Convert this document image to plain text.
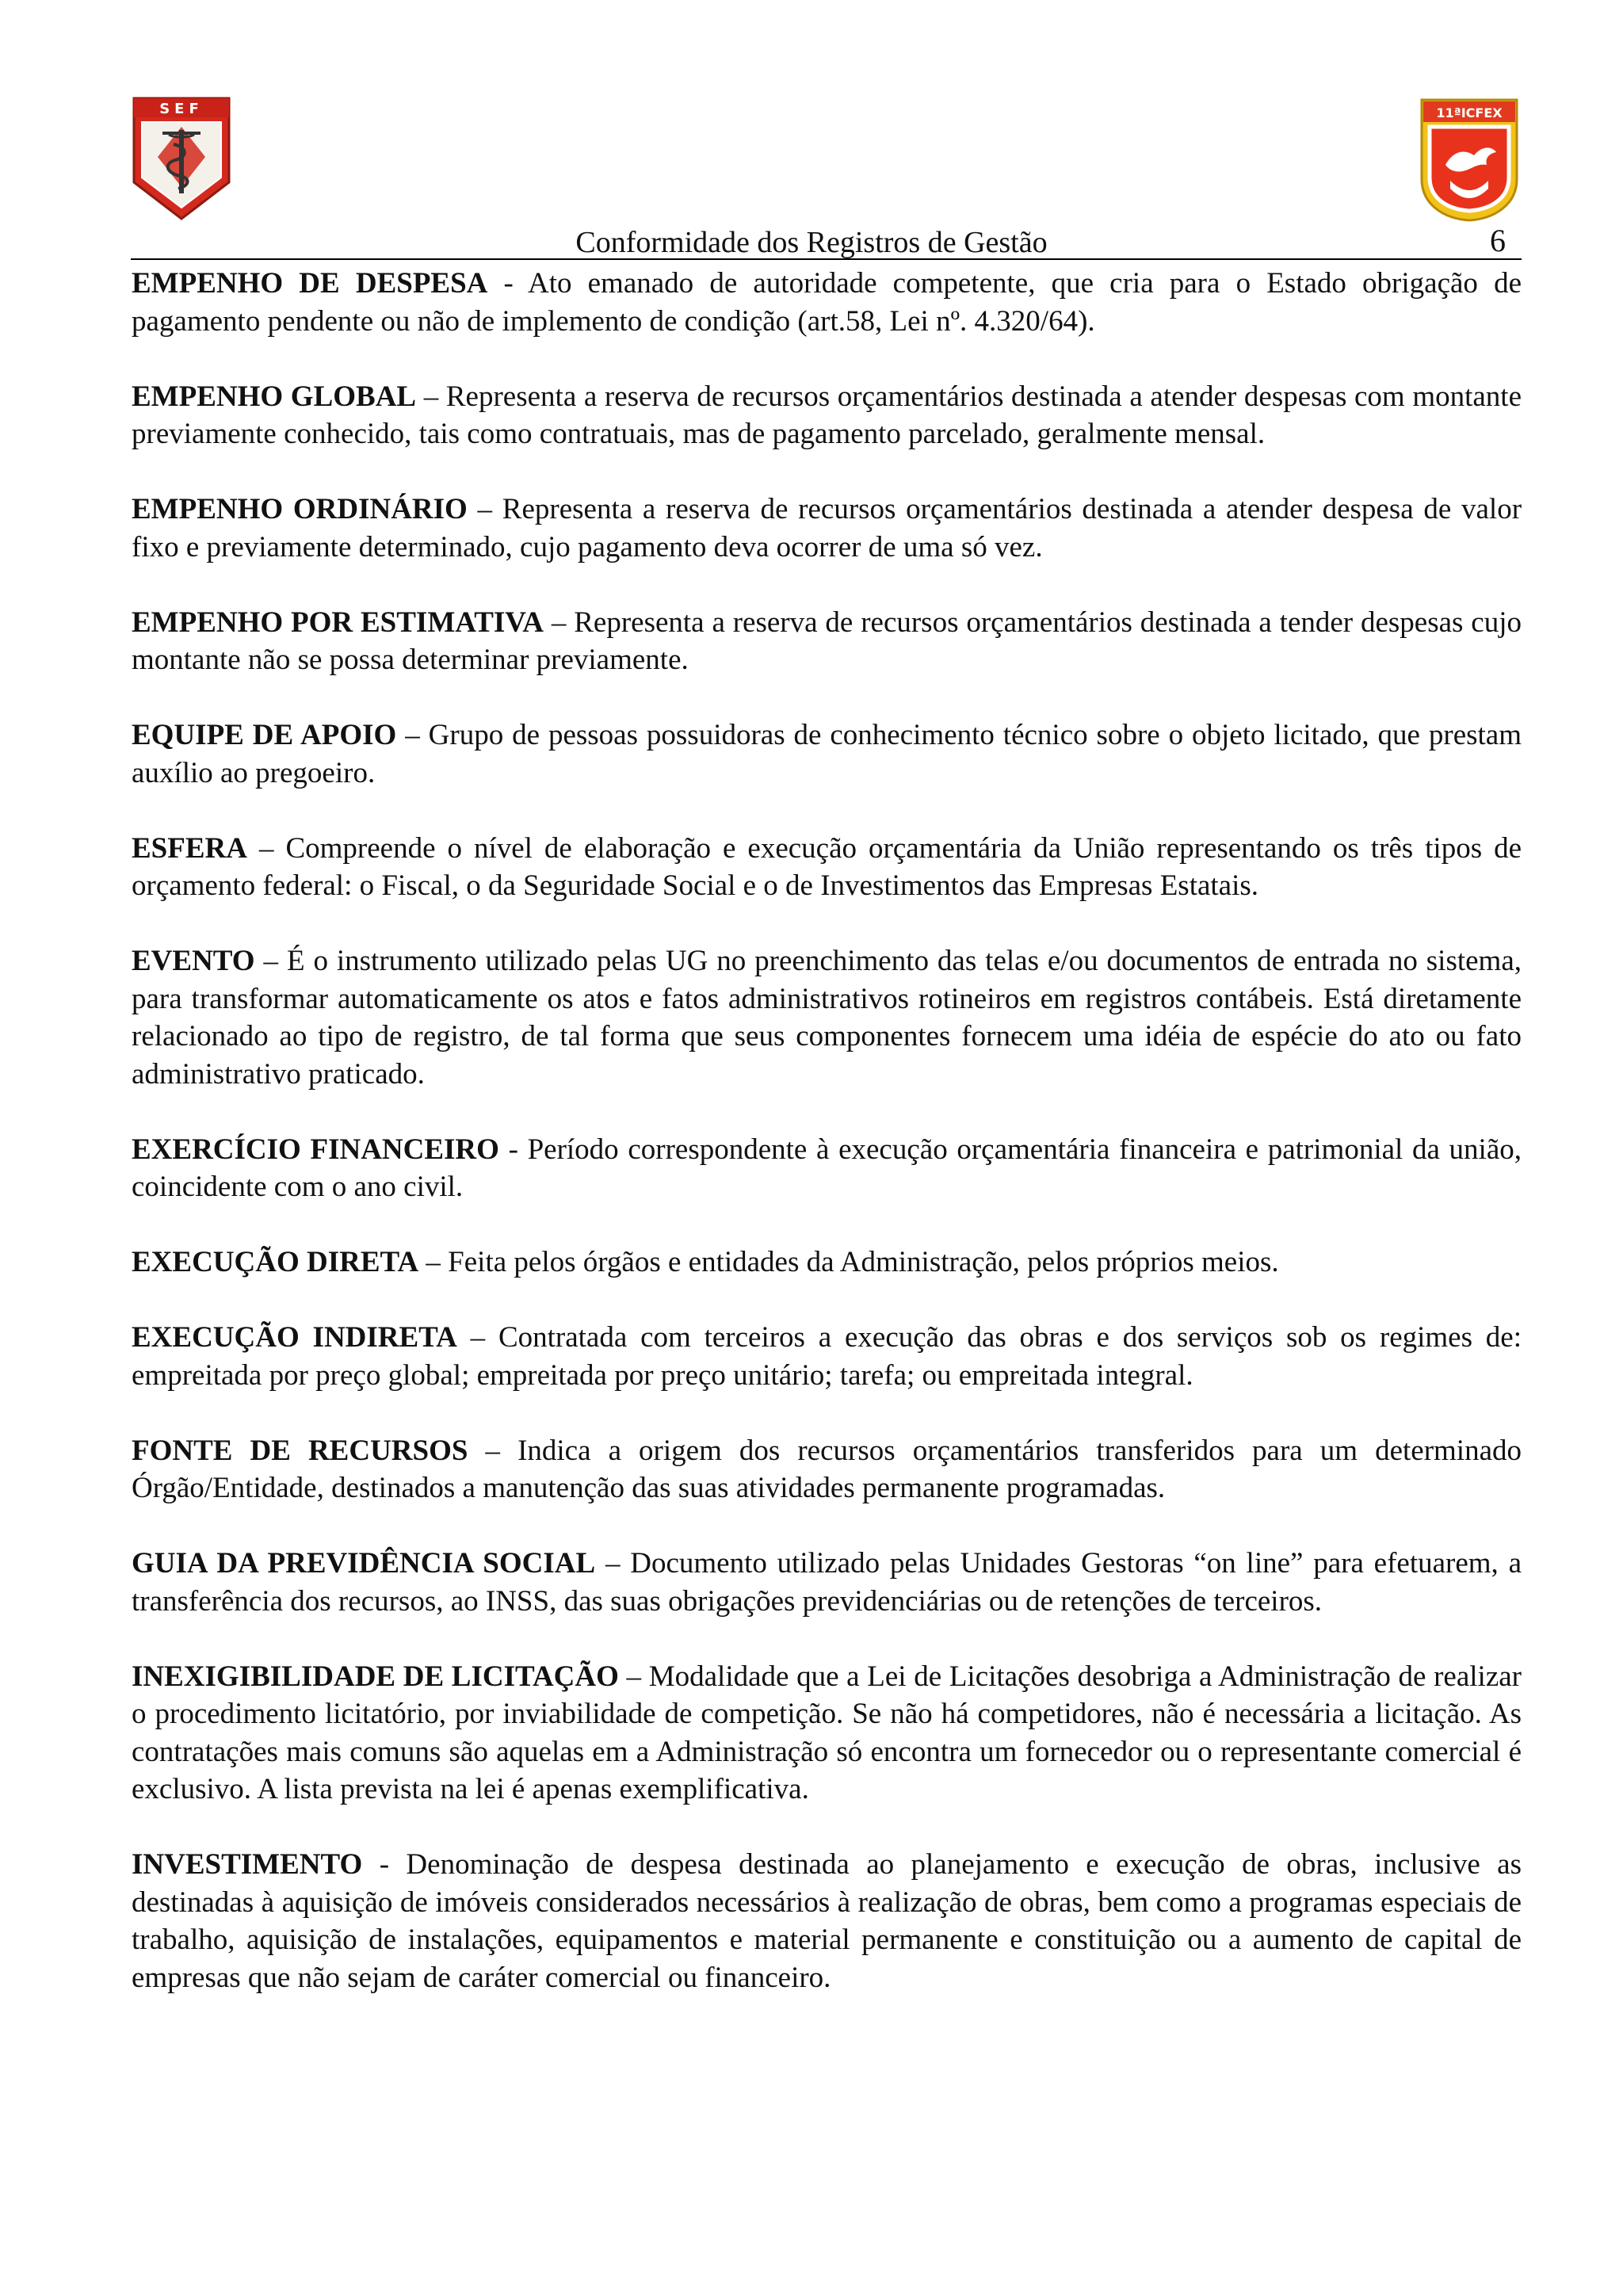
SEF	11ªICFEX
Conformidade dos Registros de Gestão	6

EMPENHO DE DESPESA - Ato emanado de autoridade competente, que cria para o Estado obrigação de pagamento pendente ou não de implemento de condição (art.58, Lei nº. 4.320/64).

EMPENHO GLOBAL – Representa a reserva de recursos orçamentários destinada a atender despesas com montante previamente conhecido, tais como contratuais, mas de pagamento parcelado, geralmente mensal.

EMPENHO ORDINÁRIO – Representa a reserva de recursos orçamentários destinada a atender despesa de valor fixo e previamente determinado, cujo pagamento deva ocorrer de uma só vez.

EMPENHO POR ESTIMATIVA – Representa a reserva de recursos orçamentários destinada a tender despesas cujo montante não se possa determinar previamente.

EQUIPE DE APOIO – Grupo de pessoas possuidoras de conhecimento técnico sobre o objeto licitado, que prestam auxílio ao pregoeiro.

ESFERA – Compreende o nível de elaboração e execução orçamentária da União representando os três tipos de orçamento federal: o Fiscal, o da Seguridade Social e o de Investimentos das Empresas Estatais.

EVENTO – É o instrumento utilizado pelas UG no preenchimento das telas e/ou documentos de entrada no sistema, para transformar automaticamente os atos e fatos administrativos rotineiros em registros contábeis. Está diretamente relacionado ao tipo de registro, de tal forma que seus componentes fornecem uma idéia de espécie do ato ou fato administrativo praticado.

EXERCÍCIO FINANCEIRO - Período correspondente à execução orçamentária financeira e patrimonial da união, coincidente com o ano civil.

EXECUÇÃO DIRETA – Feita pelos órgãos e entidades da Administração, pelos próprios meios.

EXECUÇÃO INDIRETA – Contratada com terceiros a execução das obras e dos serviços sob os regimes de: empreitada por preço global; empreitada por preço unitário; tarefa; ou empreitada integral.

FONTE DE RECURSOS – Indica a origem dos recursos orçamentários transferidos para um determinado Órgão/Entidade, destinados a manutenção das suas atividades permanente programadas.

GUIA DA PREVIDÊNCIA SOCIAL – Documento utilizado pelas Unidades Gestoras “on line” para efetuarem, a transferência dos recursos, ao INSS, das suas obrigações previdenciárias ou de retenções de terceiros.

INEXIGIBILIDADE DE LICITAÇÃO – Modalidade que a Lei de Licitações desobriga a Administração de realizar o procedimento licitatório, por inviabilidade de competição. Se não há competidores, não é necessária a licitação. As contratações mais comuns são aquelas em a Administração só encontra um fornecedor ou o representante comercial é exclusivo. A lista prevista na lei é apenas exemplificativa.

INVESTIMENTO - Denominação de despesa destinada ao planejamento e execução de obras, inclusive as destinadas à aquisição de imóveis considerados necessários à realização de obras, bem como a programas especiais de trabalho, aquisição de instalações, equipamentos e material permanente e constituição ou a aumento de capital de empresas que não sejam de caráter comercial ou financeiro.
